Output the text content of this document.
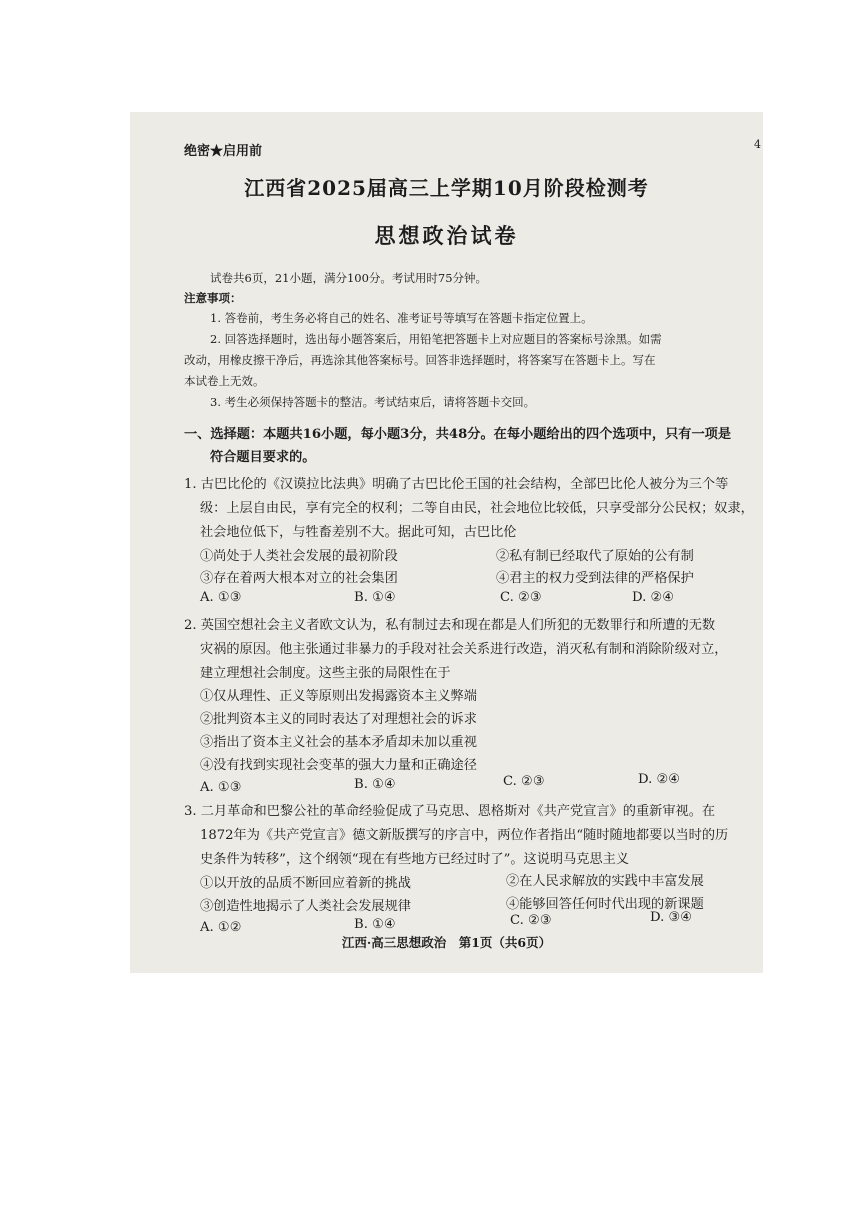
4
绝密★启用前
江西省2025届高三上学期10月阶段检测考
思想政治试卷
试卷共6页，21小题，满分100分。考试用时75分钟。
注意事项：
1. 答卷前，考生务必将自己的姓名、准考证号等填写在答题卡指定位置上。
2. 回答选择题时，选出每小题答案后，用铅笔把答题卡上对应题目的答案标号涂黑。如需
改动，用橡皮擦干净后，再选涂其他答案标号。回答非选择题时，将答案写在答题卡上。写在
本试卷上无效。
3. 考生必须保持答题卡的整洁。考试结束后，请将答题卡交回。
一、选择题：本题共16小题，每小题3分，共48分。在每小题给出的四个选项中，只有一项是
符合题目要求的。
1. 古巴比伦的《汉谟拉比法典》明确了古巴比伦王国的社会结构，全部巴比伦人被分为三个等
级：上层自由民，享有完全的权利；二等自由民，社会地位比较低，只享受部分公民权；奴隶，
社会地位低下，与牲畜差别不大。据此可知，古巴比伦
①尚处于人类社会发展的最初阶段	②私有制已经取代了原始的公有制
③存在着两大根本对立的社会集团	④君主的权力受到法律的严格保护
A. ①③	B. ①④	C. ②③	D. ②④
2. 英国空想社会主义者欧文认为，私有制过去和现在都是人们所犯的无数罪行和所遭的无数
灾祸的原因。他主张通过非暴力的手段对社会关系进行改造，消灭私有制和消除阶级对立，
建立理想社会制度。这些主张的局限性在于
①仅从理性、正义等原则出发揭露资本主义弊端
②批判资本主义的同时表达了对理想社会的诉求
③指出了资本主义社会的基本矛盾却未加以重视
④没有找到实现社会变革的强大力量和正确途径
A. ①③	B. ①④	C. ②③	D. ②④
3. 二月革命和巴黎公社的革命经验促成了马克思、恩格斯对《共产党宣言》的重新审视。在
1872年为《共产党宣言》德文新版撰写的序言中，两位作者指出“随时随地都要以当时的历
史条件为转移”，这个纲领“现在有些地方已经过时了”。这说明马克思主义
①以开放的品质不断回应着新的挑战	②在人民求解放的实践中丰富发展
③创造性地揭示了人类社会发展规律	④能够回答任何时代出现的新课题
A. ①②	B. ①④	C. ②③	D. ③④
江西·高三思想政治　第1页（共6页）
